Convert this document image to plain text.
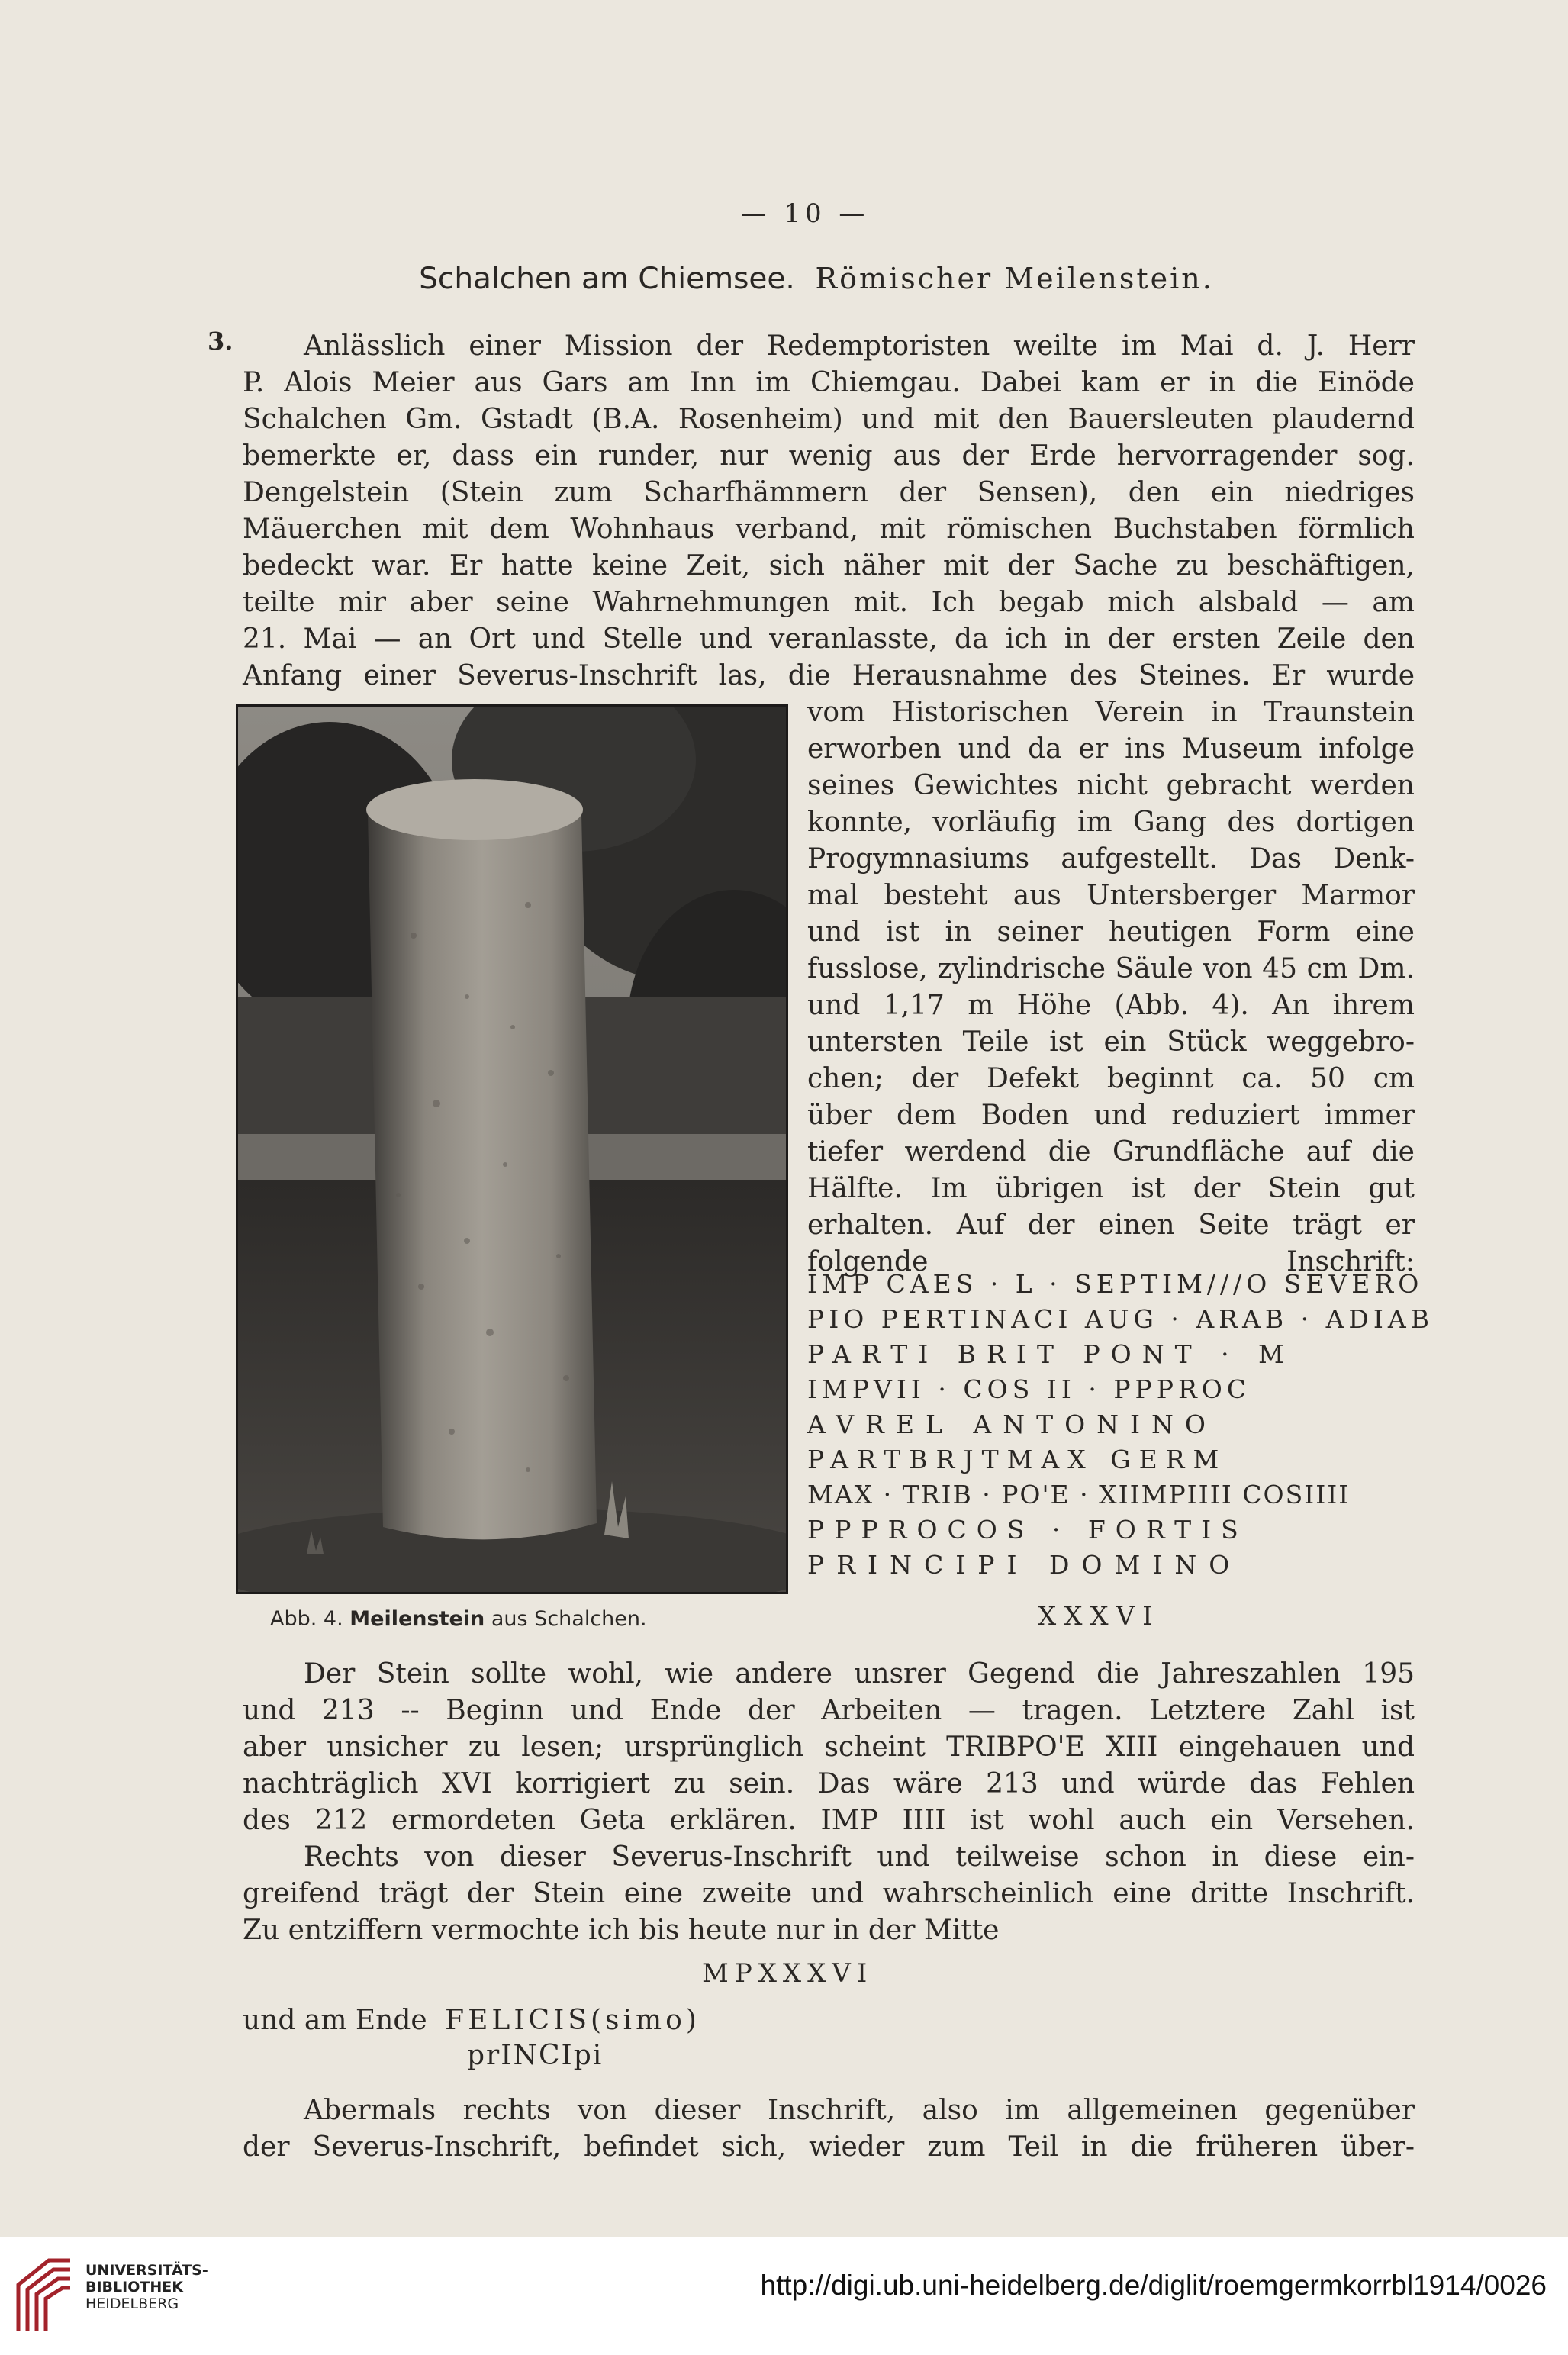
— 10 —
Schalchen am Chiemsee. Römischer Meilenstein.
3.	Anlässlich einer Mission der Redemptoristen weilte im Mai d. J. Herr
P. Alois Meier aus Gars am Inn im Chiemgau. Dabei kam er in die Einöde
Schalchen Gm. Gstadt (B.A. Rosenheim) und mit den Bauersleuten plaudernd
bemerkte er, dass ein runder, nur wenig aus der Erde hervorragender sog.
Dengelstein (Stein zum Scharfhämmern der Sensen), den ein niedriges
Mäuerchen mit dem Wohnhaus verband, mit römischen Buchstaben förmlich
bedeckt war. Er hatte keine Zeit, sich näher mit der Sache zu beschäftigen,
teilte mir aber seine Wahrnehmungen mit. Ich begab mich alsbald — am
21. Mai — an Ort und Stelle und veranlasste, da ich in der ersten Zeile den
Anfang einer Severus-Inschrift las, die Herausnahme des Steines. Er wurde
vom Historischen Verein in Traunstein
erworben und da er ins Museum infolge
seines Gewichtes nicht gebracht werden
konnte, vorläufig im Gang des dortigen
Progymnasiums aufgestellt. Das Denk-
mal besteht aus Untersberger Marmor
und ist in seiner heutigen Form eine
fusslose, zylindrische Säule von 45 cm Dm.
und 1,17 m Höhe (Abb. 4). An ihrem
untersten Teile ist ein Stück weggebro-
chen; der Defekt beginnt ca. 50 cm
über dem Boden und reduziert immer
tiefer werdend die Grundfläche auf die
Hälfte. Im übrigen ist der Stein gut
erhalten. Auf der einen Seite trägt er
folgende Inschrift:
IMP CAES · L · SEPTIM///O SEVERO
PIO PERTINACI AUG · ARAB · ADIAB
PARTI BRIT PONT · M
IMPVII · COS II · PPPROC
AVREL ANTONINO
PARTBRJTMAX GERM
MAX · TRIB · PO'E · XIIMPIIII COSIIII
PPPROCOS · FORTIS
PRINCIPI DOMINO
Abb. 4. Meilenstein aus Schalchen.	XXXVI
Der Stein sollte wohl, wie andere unsrer Gegend die Jahreszahlen 195
und 213 -- Beginn und Ende der Arbeiten — tragen. Letztere Zahl ist
aber unsicher zu lesen; ursprünglich scheint TRIBPO'E XIII eingehauen und
nachträglich XVI korrigiert zu sein. Das wäre 213 und würde das Fehlen
des 212 ermordeten Geta erklären. IMP IIII ist wohl auch ein Versehen.
Rechts von dieser Severus-Inschrift und teilweise schon in diese ein-
greifend trägt der Stein eine zweite und wahrscheinlich eine dritte Inschrift.
Zu entziffern vermochte ich bis heute nur in der Mitte
MPXXXVI
und am Ende FELICIS(simo)
prINCIpi
Abermals rechts von dieser Inschrift, also im allgemeinen gegenüber
der Severus-Inschrift, befindet sich, wieder zum Teil in die früheren über-
UNIVERSITÄTS-
BIBLIOTHEK
HEIDELBERG
http://digi.ub.uni-heidelberg.de/diglit/roemgermkorrbl1914/0026
